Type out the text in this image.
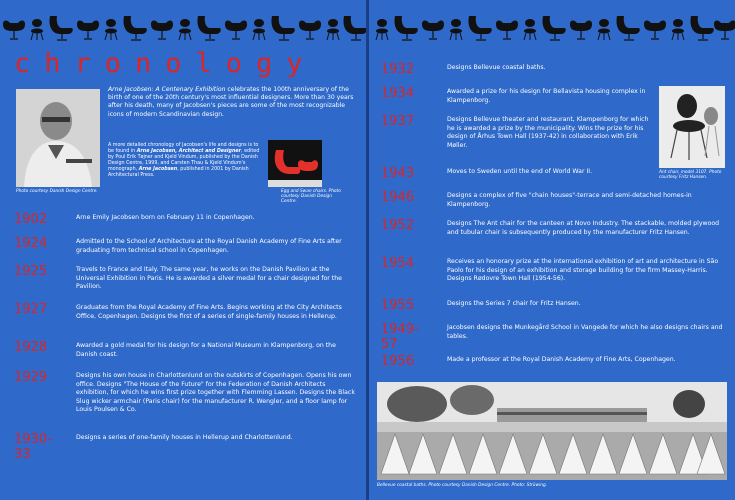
chronology
Photo courtesy Danish Design Centre.
Arne Jacobsen: A Centenary Exhibition celebrates the 100th anniversary of the birth of one of the 20th century's most influential designers. More than 30 years after his death, many of Jacobsen's pieces are some of the most recognizable icons of modern Scandinavian design.
A more detailed chronology of Jacobsen's life and designs is to be found in Arne Jacobsen, Architect and Designer, edited by Poul Erik Tøjner and Kjeld Vindum, published by the Danish Design Centre, 1999, and Carsten Thau & Kjeld Vindum's monograph, Arne Jacobsen, published in 2001 by Danish Architectural Press.
Egg and Swan chairs. Photo courtesy Danish Design Centre.
1902	Arne Emily Jacobsen born on February 11 in Copenhagen.
1924	Admitted to the School of Architecture at the Royal Danish Academy of Fine Arts after graduating from technical school in Copenhagen.
1925	Travels to France and Italy. The same year, he works on the Danish Pavilion at the Universal Exhibition in Paris. He is awarded a silver medal for a chair designed for the Pavilion.
1927	Graduates from the Royal Academy of Fine Arts. Begins working at the City Architects Office, Copenhagen. Designs the first of a series of single-family houses in Hellerup.
1928	Awarded a gold medal for his design for a National Museum in Klampenborg, on the Danish coast.
1929	Designs his own house in Charlottenlund on the outskirts of Copenhagen. Opens his own office. Designs "The House of the Future" for the Federation of Danish Architects exhibition, for which he wins first prize together with Flemming Lassen. Designs the Black Slug wicker armchair (Paris chair) for the manufacturer R. Wengler, and a floor lamp for Louis Poulsen & Co.
1930-33
Designs a series of one-family houses in Hellerup and Charlottenlund.
Ant chair, model 3107. Photo courtesy Fritz Hansen.
1932	Designs Bellevue coastal baths.
1934	Awarded a prize for his design for Bellavista housing complex in Klampenborg.
1937	Designs Bellevue theater and restaurant, Klampenborg for which he is awarded a prize by the municipality. Wins the prize for his design of Århus Town Hall (1937-42) in collaboration with Erik Møller.
1943	Moves to Sweden until the end of World War II.
1946	Designs a complex of five "chain houses"-terrace and semi-detached homes-in Klampenborg.
1952	Designs The Ant chair for the canteen at Novo Industry. The stackable, molded plywood and tubular chair is subsequently produced by the manufacturer Fritz Hansen.
1954	Receives an honorary prize at the international exhibition of art and architecture in São Paolo for his design of an exhibition and storage building for the firm Massey-Harris. Designs Rødovre Town Hall (1954-56).
1955	Designs the Series 7 chair for Fritz Hansen.
1949-57
Jacobsen designs the Munkegård School in Vangede for which he also designs chairs and tables.
1956	Made a professor at the Royal Danish Academy of Fine Arts, Copenhagen.
Bellevue coastal baths. Photo courtesy Danish Design Centre. Photo: Strüwing.
